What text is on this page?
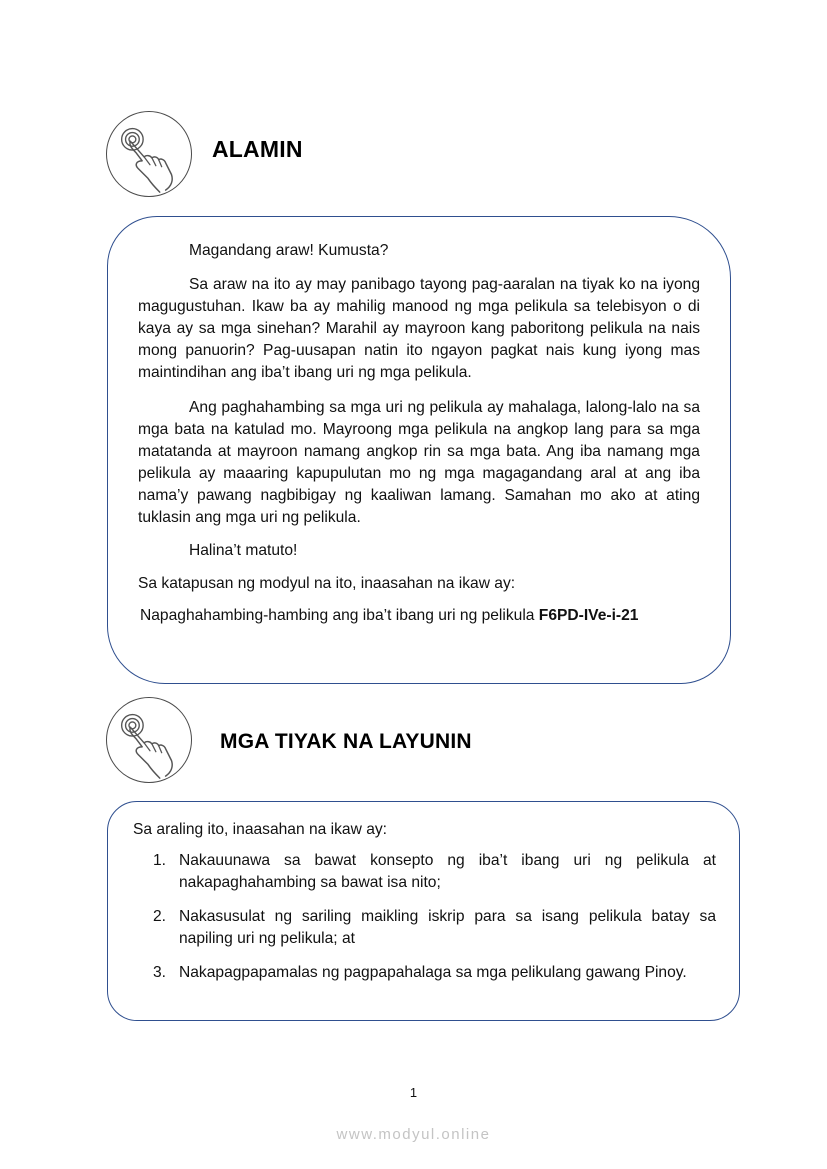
ALAMIN

Magandang araw! Kumusta?

Sa araw na ito ay may panibago tayong pag-aaralan na tiyak ko na iyong magugustuhan. Ikaw ba ay mahilig manood ng mga pelikula sa telebisyon o di kaya ay sa mga sinehan? Marahil ay mayroon kang paboritong pelikula na nais mong panuorin? Pag-uusapan natin ito ngayon pagkat nais kung iyong mas maintindihan ang iba’t ibang uri ng mga pelikula.

Ang paghahambing sa mga uri ng pelikula ay mahalaga, lalong-lalo na sa mga bata na katulad mo. Mayroong mga pelikula na angkop lang para sa mga matatanda at mayroon namang angkop rin sa mga bata. Ang iba namang mga pelikula ay maaaring kapupulutan mo ng mga magagandang aral at ang iba nama’y pawang nagbibigay ng kaaliwan lamang. Samahan mo ako at ating tuklasin ang mga uri ng pelikula.

Halina’t matuto!

Sa katapusan ng modyul na ito, inaasahan na ikaw ay:

Napaghahambing-hambing ang iba’t ibang uri ng pelikula F6PD-IVe-i-21

MGA TIYAK NA LAYUNIN

Sa araling ito, inaasahan na ikaw ay:

1. Nakauunawa sa bawat konsepto ng iba’t ibang uri ng pelikula at nakapaghahambing sa bawat isa nito;
2. Nakasusulat ng sariling maikling iskrip para sa isang pelikula batay sa napiling uri ng pelikula; at
3. Nakapagpapamalas ng pagpapahalaga sa mga pelikulang gawang Pinoy.
1
www.modyul.online
